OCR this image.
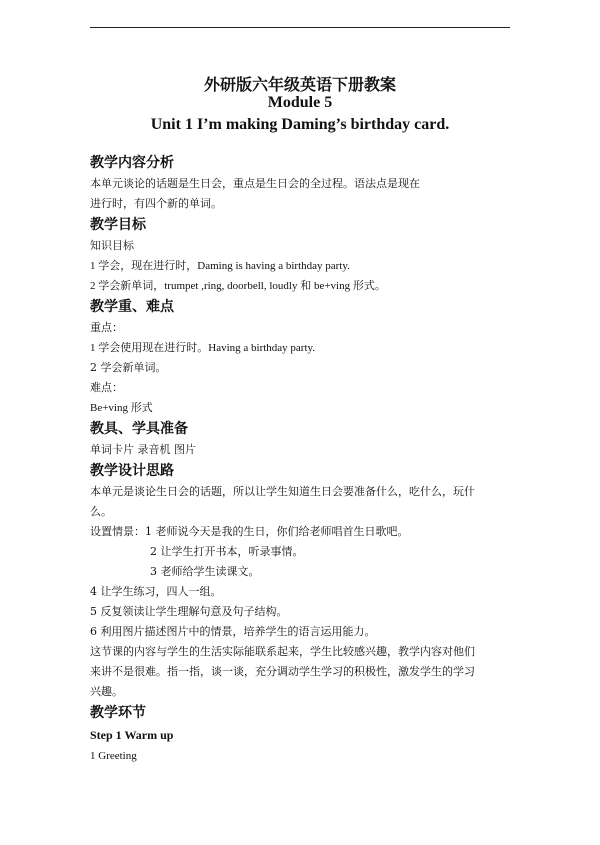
外研版六年级英语下册教案
Module 5
Unit 1 I’m making Daming’s birthday card.

教学内容分析

本单元谈论的话题是生日会，重点是生日会的全过程。语法点是现在

进行时，有四个新的单词。

教学目标

知识目标

1 学会，现在进行时，Daming is having a birthday party.

2 学会新单词，trumpet ,ring, doorbell, loudly 和 be+ving 形式。

教学重、难点

重点：

1 学会使用现在进行时。Having a birthday party.

2 学会新单词。

难点：

Be+ving 形式

教具、学具准备

单词卡片 录音机 图片

教学设计思路

本单元是谈论生日会的话题，所以让学生知道生日会要准备什么，吃什么，玩什

么。

设置情景：1 老师说今天是我的生日，你们给老师唱首生日歌吧。

2 让学生打开书本，听录事情。

3 老师给学生读课文。

4 让学生练习，四人一组。

5 反复领读让学生理解句意及句子结构。

6 利用图片描述图片中的情景，培养学生的语言运用能力。

这节课的内容与学生的生活实际能联系起来，学生比较感兴趣，教学内容对他们

来讲不是很难。指一指，谈一谈，充分调动学生学习的积极性，激发学生的学习

兴趣。

教学环节

Step 1 Warm up

1 Greeting
